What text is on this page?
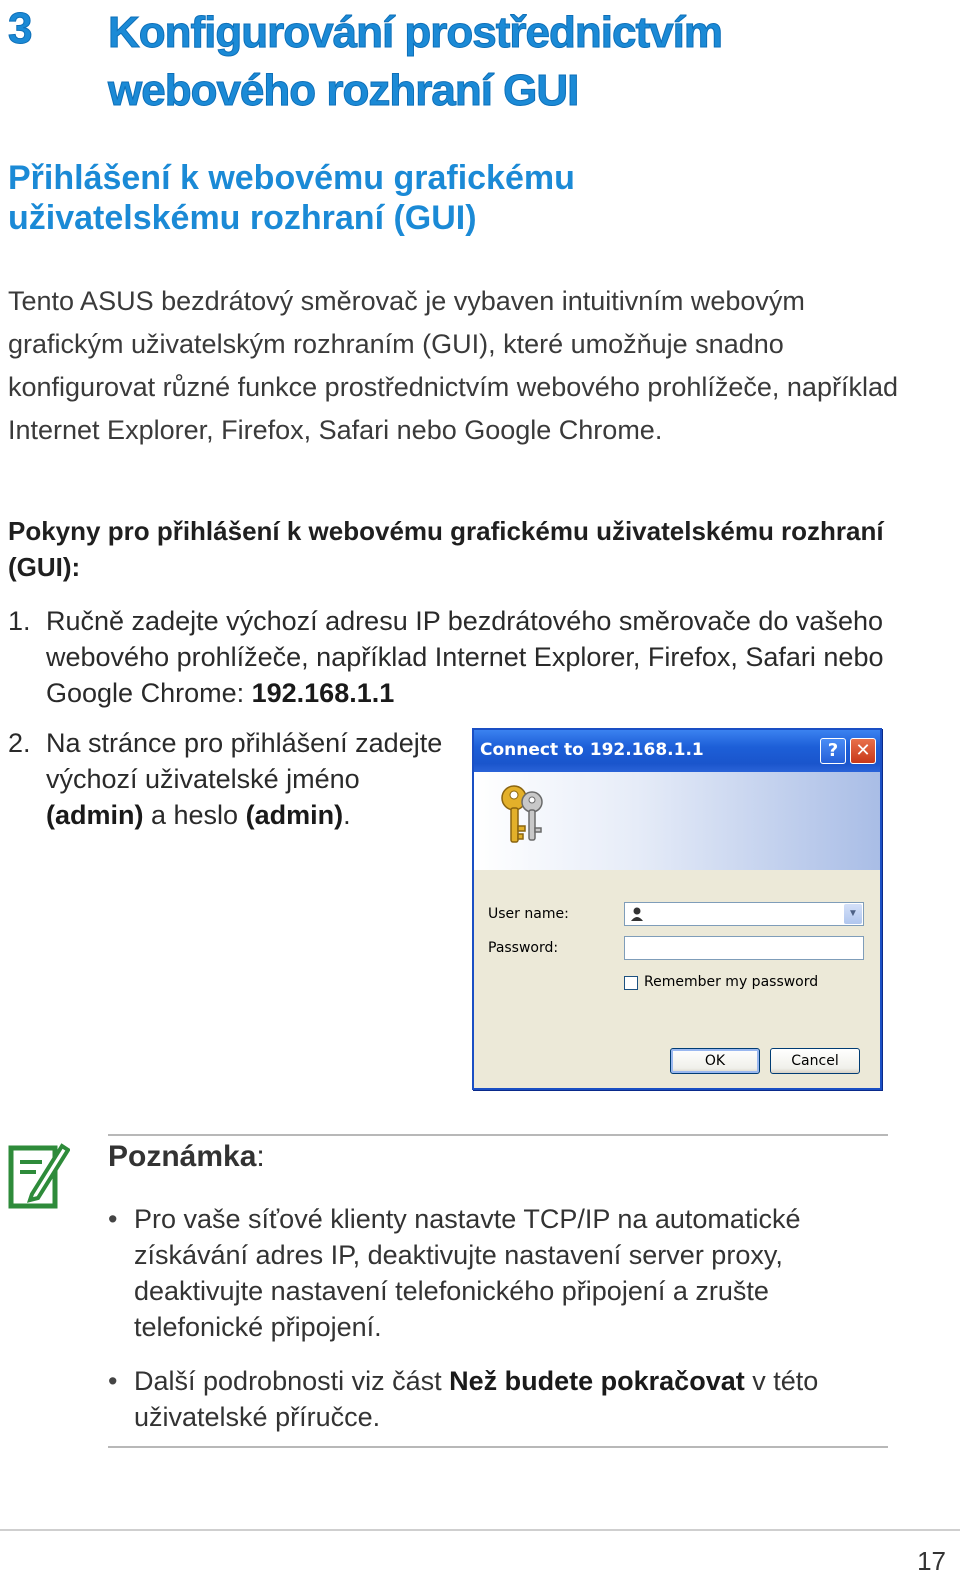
3 Konfigurování prostřednictvím webového rozhraní GUI
Přihlášení k webovému grafickému uživatelskému rozhraní (GUI)
Tento ASUS bezdrátový směrovač je vybaven intuitivním webovým grafickým uživatelským rozhraním (GUI), které umožňuje snadno konfigurovat různé funkce prostřednictvím webového prohlížeče, například Internet Explorer, Firefox, Safari nebo Google Chrome.
Pokyny pro přihlášení k webovému grafickému uživatelskému rozhraní (GUI):
1. Ručně zadejte výchozí adresu IP bezdrátového směrovače do vašeho webového prohlížeče, například Internet Explorer, Firefox, Safari nebo Google Chrome: 192.168.1.1
2. Na stránce pro přihlášení zadejte výchozí uživatelské jméno (admin) a heslo (admin).
Connect to 192.168.1.1	? ✕
User name:	▼
Password:
Remember my password
OK	Cancel
Poznámka:
• Pro vaše síťové klienty nastavte TCP/IP na automatické získávání adres IP, deaktivujte nastavení server proxy, deaktivujte nastavení telefonického připojení a zrušte telefonické připojení.
• Další podrobnosti viz část Než budete pokračovat v této uživatelské příručce.
17
